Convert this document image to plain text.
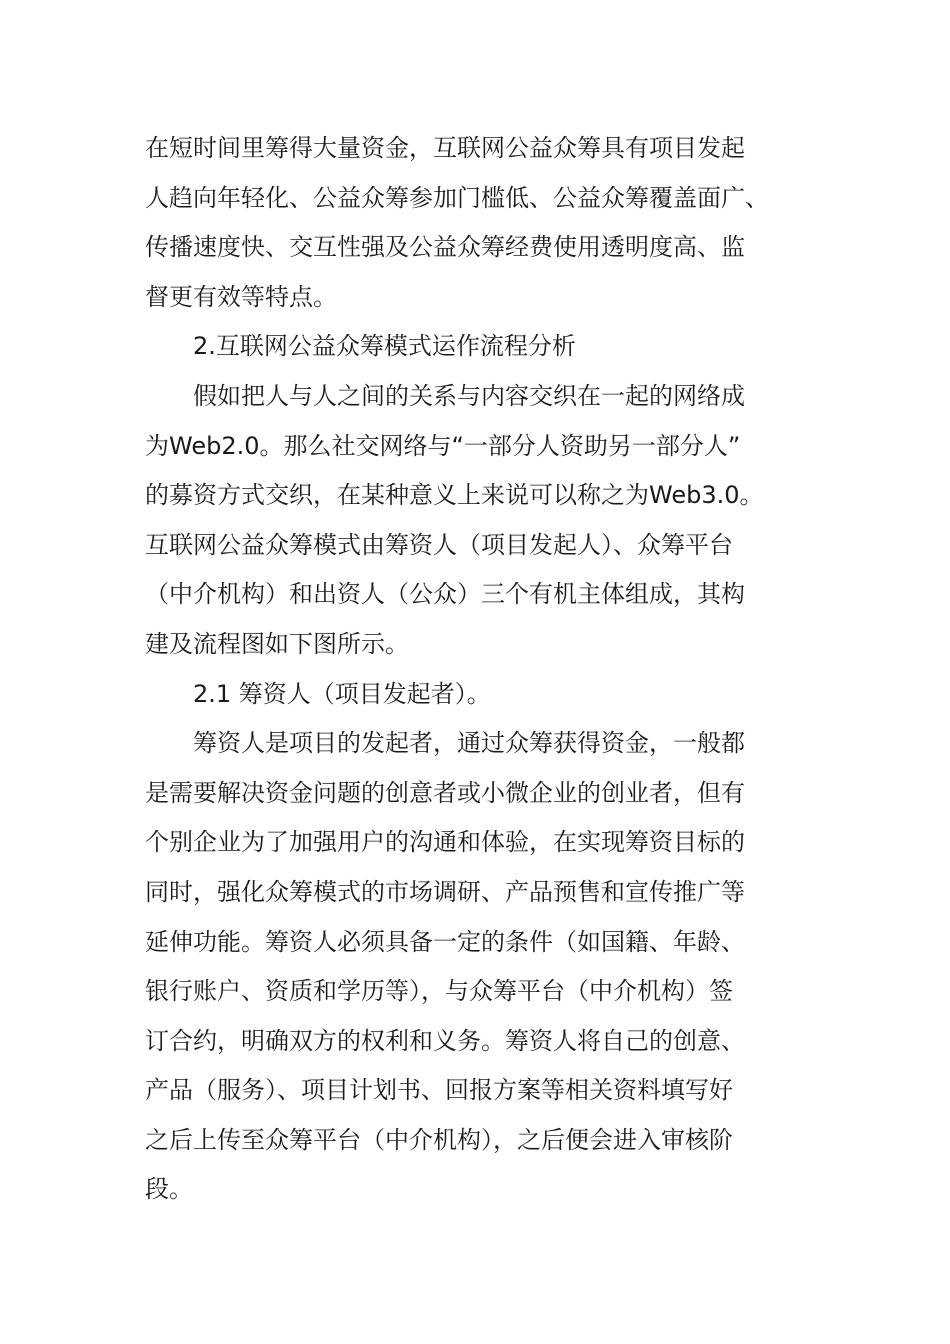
在短时间里筹得大量资金，互联网公益众筹具有项目发起
人趋向年轻化、公益众筹参加门槛低、公益众筹覆盖面广、
传播速度快、交互性强及公益众筹经费使用透明度高、监
督更有效等特点。
2.互联网公益众筹模式运作流程分析
假如把人与人之间的关系与内容交织在一起的网络成
为Web2.0。那么社交网络与“一部分人资助另一部分人”
的募资方式交织，在某种意义上来说可以称之为Web3.0。
互联网公益众筹模式由筹资人（项目发起人）、众筹平台
（中介机构）和出资人（公众）三个有机主体组成，其构
建及流程图如下图所示。
2.1 筹资人（项目发起者）。
筹资人是项目的发起者，通过众筹获得资金，一般都
是需要解决资金问题的创意者或小微企业的创业者，但有
个别企业为了加强用户的沟通和体验，在实现筹资目标的
同时，强化众筹模式的市场调研、产品预售和宣传推广等
延伸功能。筹资人必须具备一定的条件（如国籍、年龄、
银行账户、资质和学历等），与众筹平台（中介机构）签
订合约，明确双方的权利和义务。筹资人将自己的创意、
产品（服务）、项目计划书、回报方案等相关资料填写好
之后上传至众筹平台（中介机构），之后便会进入审核阶
段。
